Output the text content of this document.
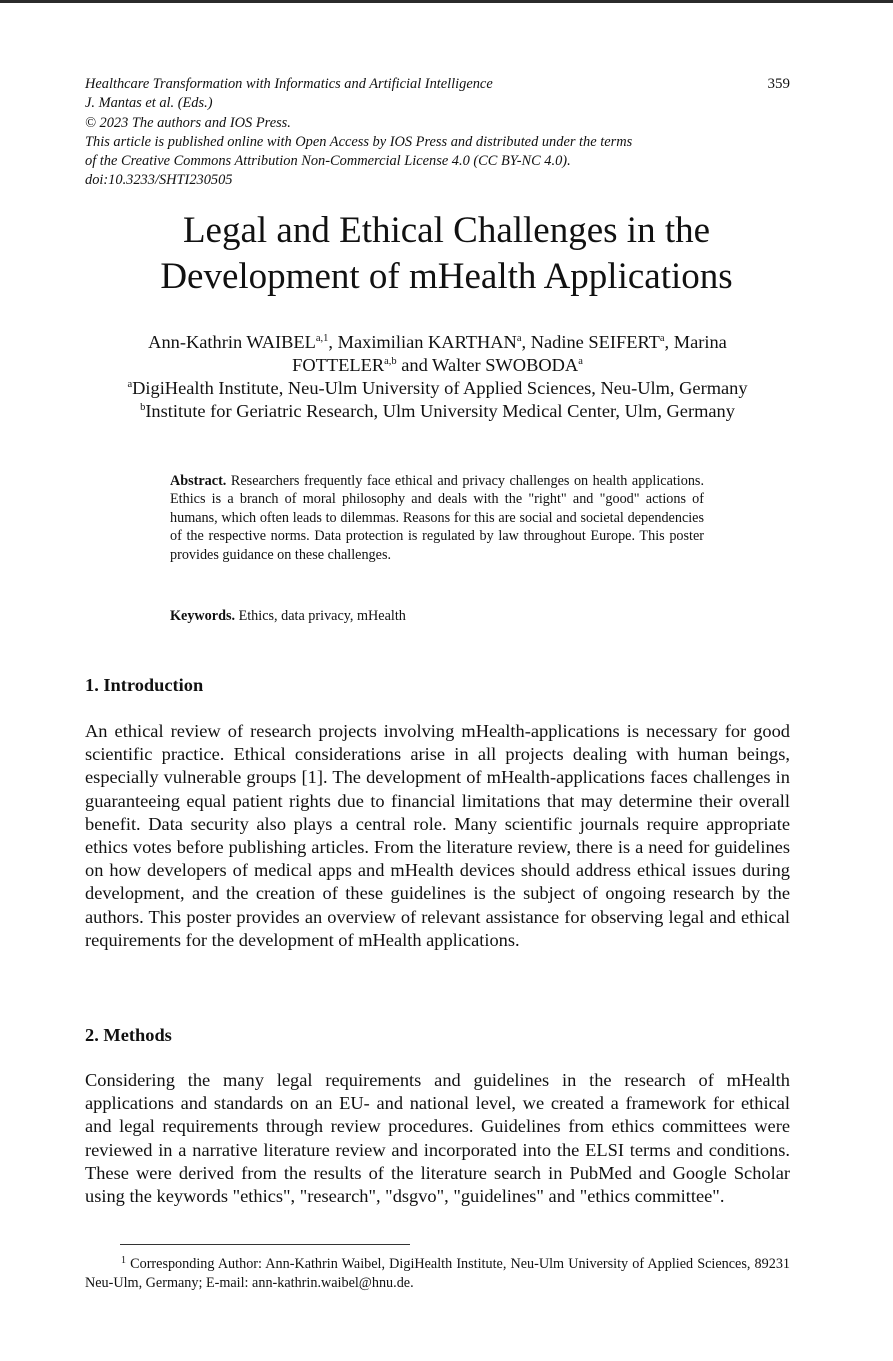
Healthcare Transformation with Informatics and Artificial Intelligence
J. Mantas et al. (Eds.)
© 2023 The authors and IOS Press.
This article is published online with Open Access by IOS Press and distributed under the terms
of the Creative Commons Attribution Non-Commercial License 4.0 (CC BY-NC 4.0).
doi:10.3233/SHTI230505
359
Legal and Ethical Challenges in the
Development of mHealth Applications
Ann-Kathrin WAIBEL$^{a,1}$, Maximilian KARTHAN$^a$, Nadine SEIFERT$^a$, Marina
FOTTELER$^{a,b}$ and Walter SWOBODA$^a$
$^a$DigiHealth Institute, Neu-Ulm University of Applied Sciences, Neu-Ulm, Germany
$^b$Institute for Geriatric Research, Ulm University Medical Center, Ulm, Germany
Abstract. Researchers frequently face ethical and privacy challenges on health applications. Ethics is a branch of moral philosophy and deals with the "right" and "good" actions of humans, which often leads to dilemmas. Reasons for this are social and societal dependencies of the respective norms. Data protection is regulated by law throughout Europe. This poster provides guidance on these challenges.
Keywords. Ethics, data privacy, mHealth
1. Introduction
An ethical review of research projects involving mHealth-applications is necessary for good scientific practice. Ethical considerations arise in all projects dealing with human beings, especially vulnerable groups [1]. The development of mHealth-applications faces challenges in guaranteeing equal patient rights due to financial limitations that may determine their overall benefit. Data security also plays a central role. Many scientific journals require appropriate ethics votes before publishing articles. From the literature review, there is a need for guidelines on how developers of medical apps and mHealth devices should address ethical issues during development, and the creation of these guidelines is the subject of ongoing research by the authors. This poster provides an overview of relevant assistance for observing legal and ethical requirements for the development of mHealth applications.
2. Methods
Considering the many legal requirements and guidelines in the research of mHealth applications and standards on an EU- and national level, we created a framework for ethical and legal requirements through review procedures. Guidelines from ethics committees were reviewed in a narrative literature review and incorporated into the ELSI terms and conditions. These were derived from the results of the literature search in PubMed and Google Scholar using the keywords "ethics", "research", "dsgvo", "guidelines" and "ethics committee".
$^1$ Corresponding Author: Ann-Kathrin Waibel, DigiHealth Institute, Neu-Ulm University of Applied Sciences, 89231 Neu-Ulm, Germany; E-mail: ann-kathrin.waibel@hnu.de.
